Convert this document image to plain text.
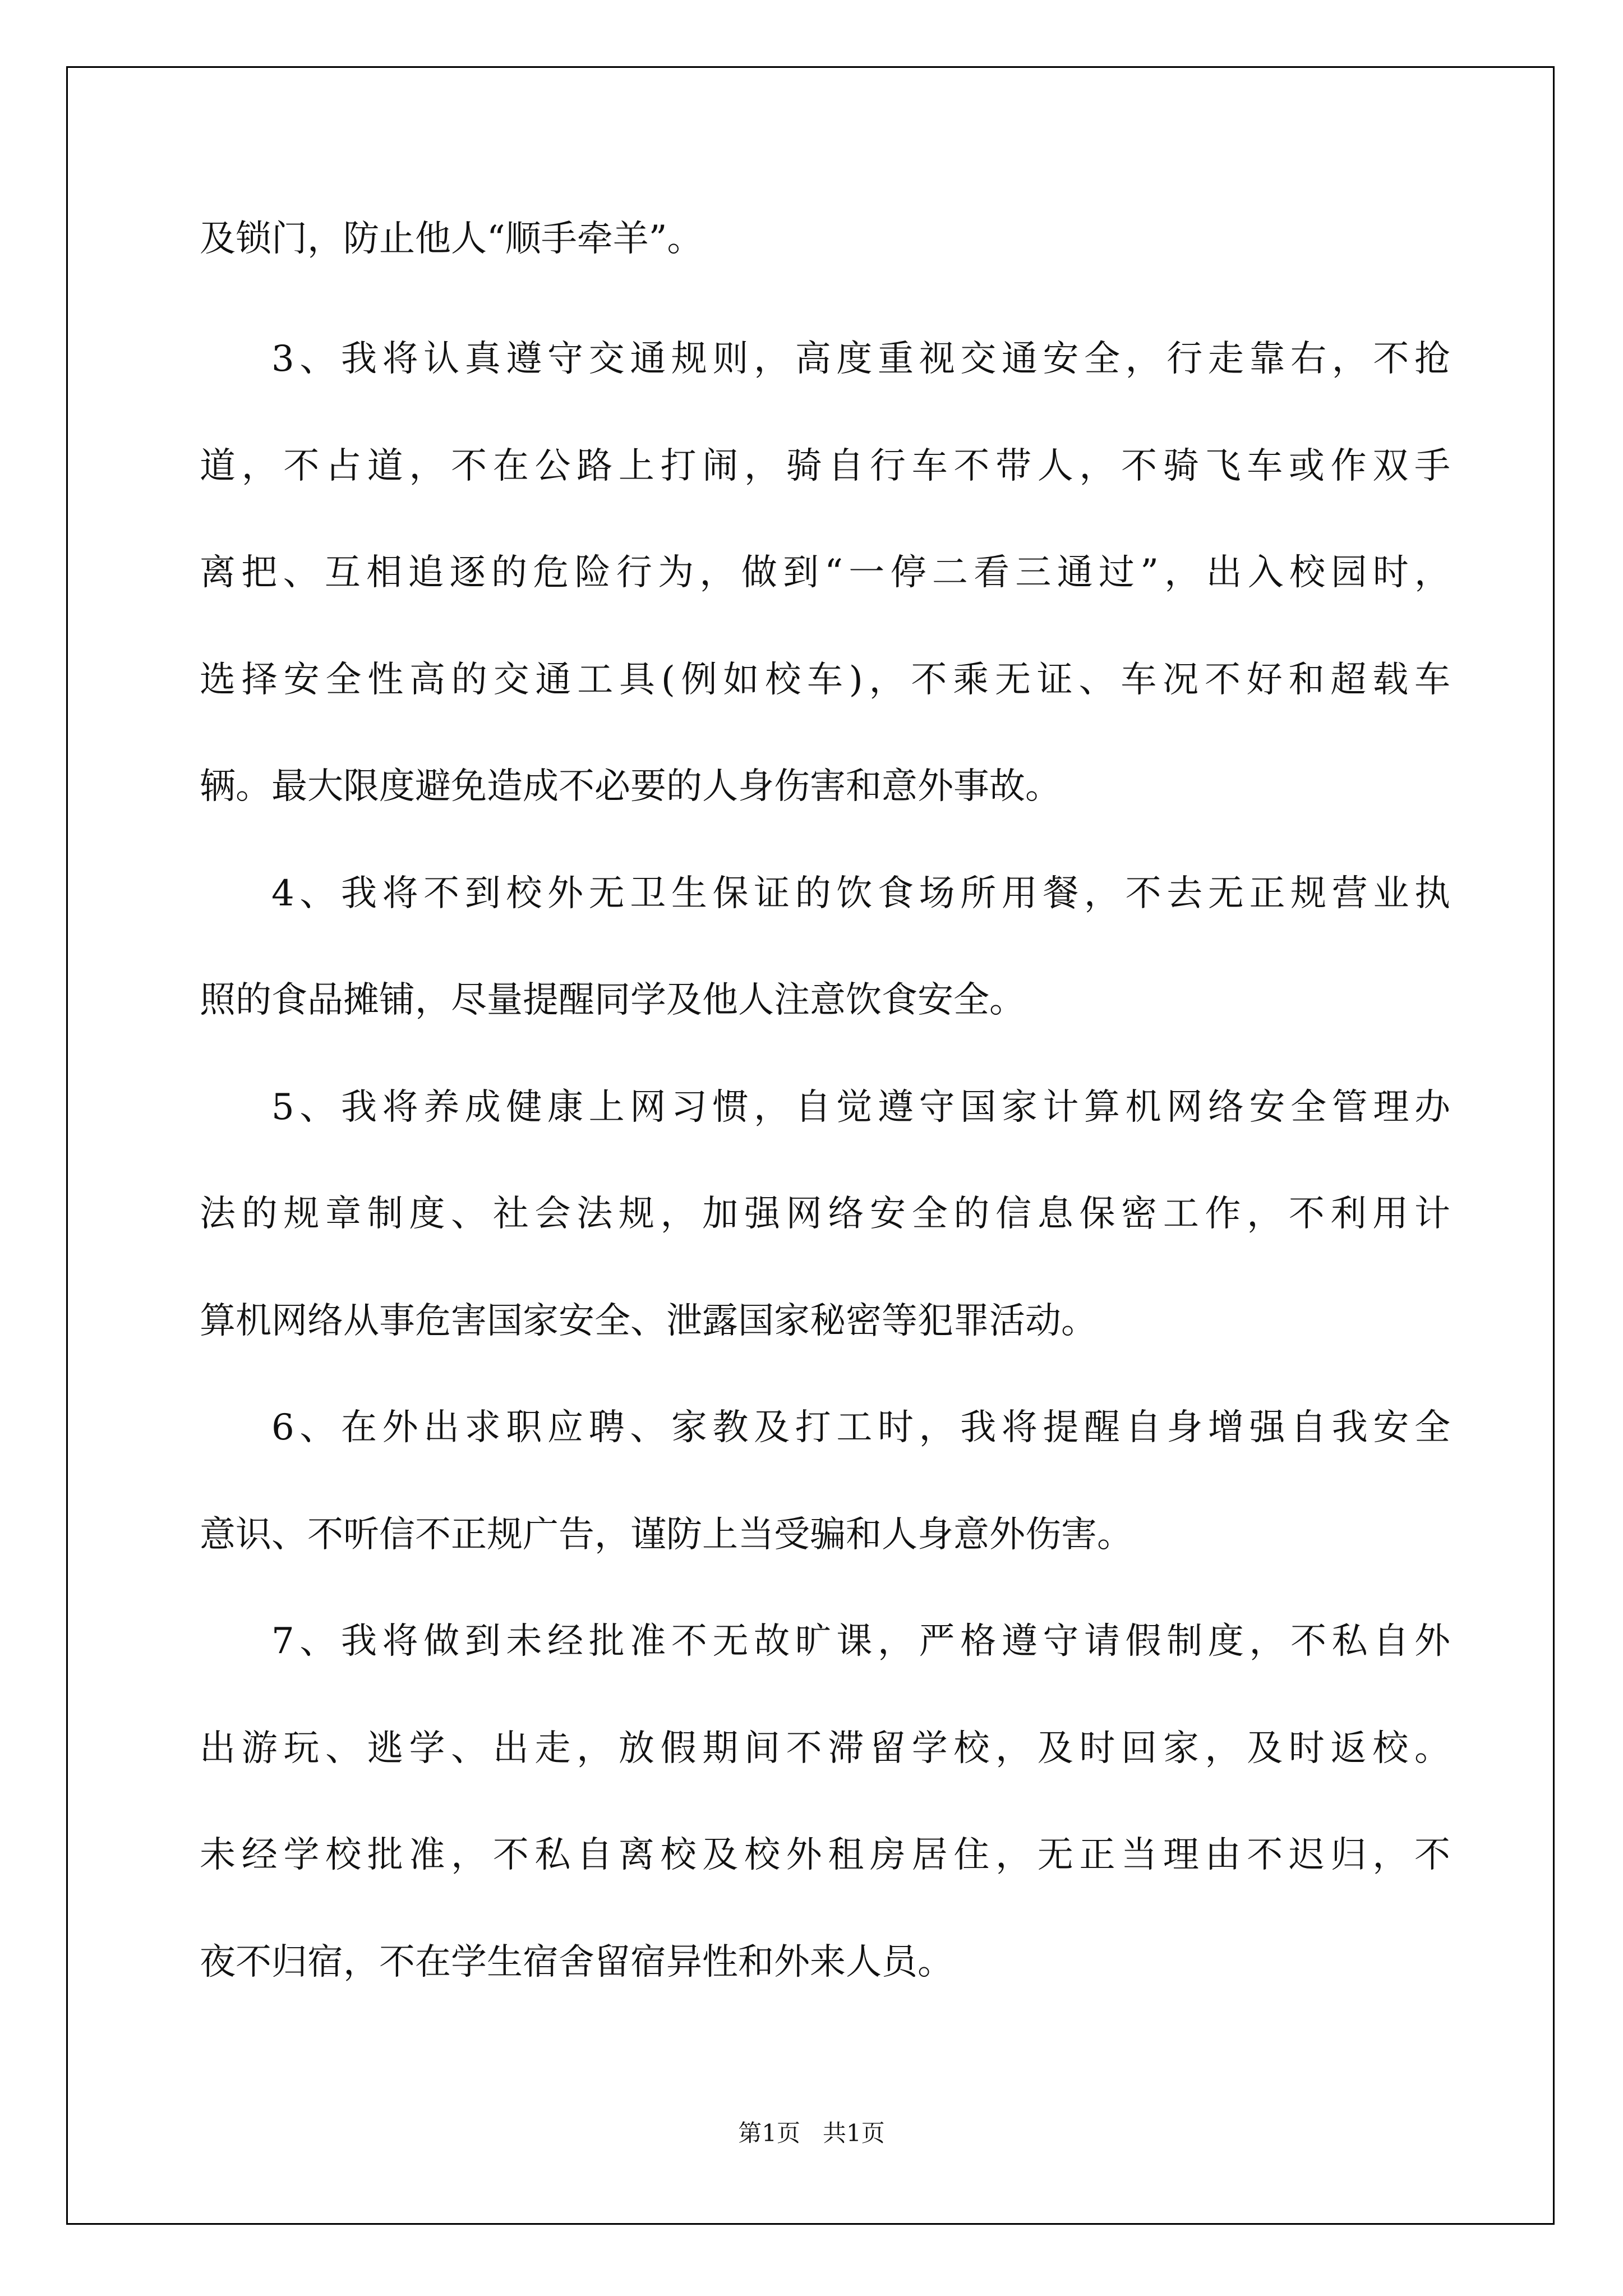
及锁门，防止他人“顺手牵羊”。
3、我将认真遵守交通规则，高度重视交通安全，行走靠右，不抢
道，不占道，不在公路上打闹，骑自行车不带人，不骑飞车或作双手
离把、互相追逐的危险行为，做到“一停二看三通过”，出入校园时，
选择安全性高的交通工具(例如校车)，不乘无证、车况不好和超载车
辆。最大限度避免造成不必要的人身伤害和意外事故。
4、我将不到校外无卫生保证的饮食场所用餐，不去无正规营业执
照的食品摊铺，尽量提醒同学及他人注意饮食安全。
5、我将养成健康上网习惯，自觉遵守国家计算机网络安全管理办
法的规章制度、社会法规，加强网络安全的信息保密工作，不利用计
算机网络从事危害国家安全、泄露国家秘密等犯罪活动。
6、在外出求职应聘、家教及打工时，我将提醒自身增强自我安全
意识、不听信不正规广告，谨防上当受骗和人身意外伤害。
7、我将做到未经批准不无故旷课，严格遵守请假制度，不私自外
出游玩、逃学、出走，放假期间不滞留学校，及时回家，及时返校。
未经学校批准，不私自离校及校外租房居住，无正当理由不迟归，不
夜不归宿，不在学生宿舍留宿异性和外来人员。
第1页   共1页
